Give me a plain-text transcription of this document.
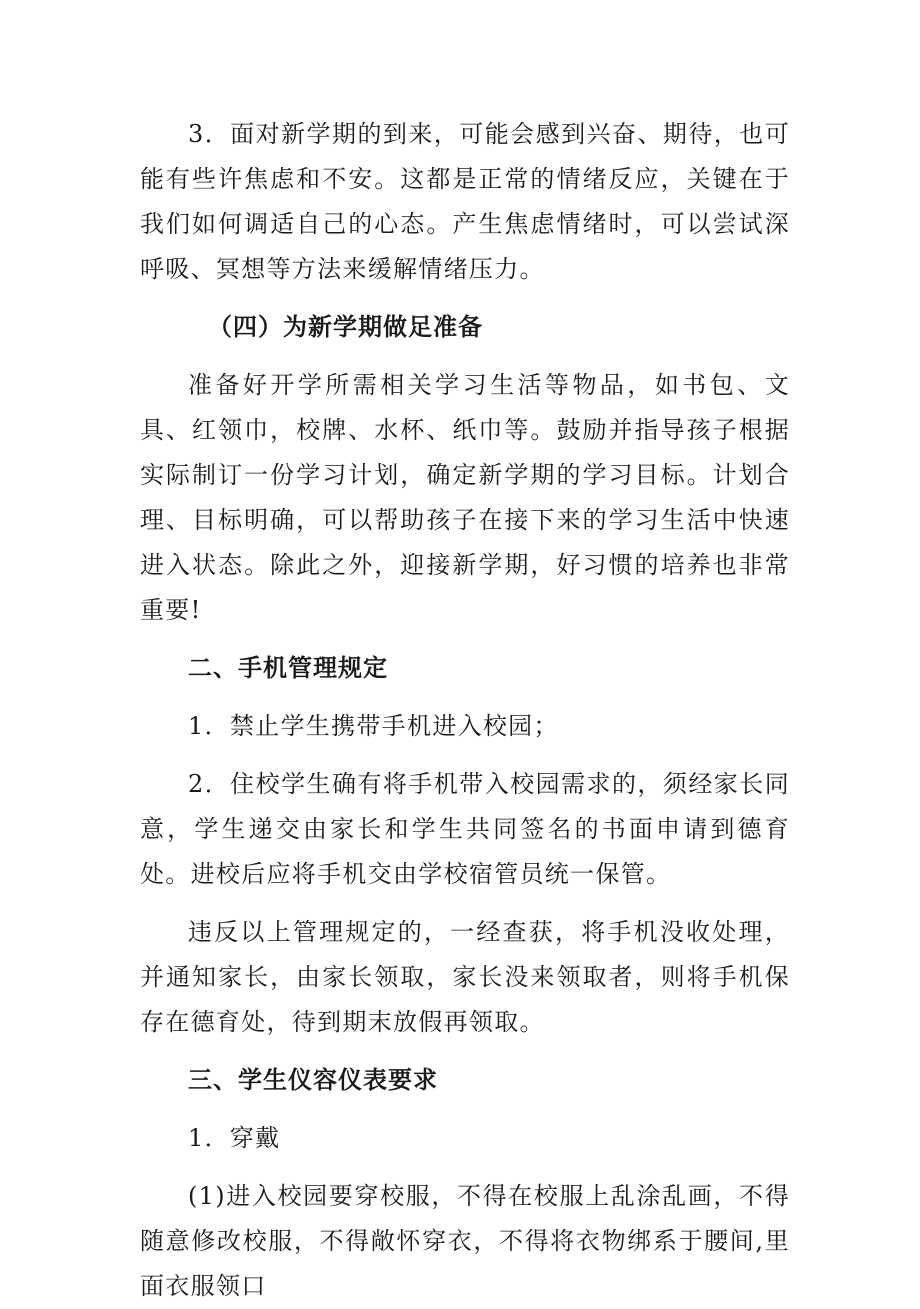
3．面对新学期的到来，可能会感到兴奋、期待，也可能有些许焦虑和不安。这都是正常的情绪反应，关键在于我们如何调适自己的心态。产生焦虑情绪时，可以尝试深呼吸、冥想等方法来缓解情绪压力。

（四）为新学期做足准备

准备好开学所需相关学习生活等物品，如书包、文具、红领巾，校牌、水杯、纸巾等。鼓励并指导孩子根据实际制订一份学习计划，确定新学期的学习目标。计划合理、目标明确，可以帮助孩子在接下来的学习生活中快速进入状态。除此之外，迎接新学期，好习惯的培养也非常重要!

二、手机管理规定

1．禁止学生携带手机进入校园；

2．住校学生确有将手机带入校园需求的，须经家长同意，学生递交由家长和学生共同签名的书面申请到德育处。进校后应将手机交由学校宿管员统一保管。

违反以上管理规定的，一经查获，将手机没收处理，并通知家长，由家长领取，家长没来领取者，则将手机保存在德育处，待到期末放假再领取。

三、学生仪容仪表要求

1．穿戴

(1)进入校园要穿校服，不得在校服上乱涂乱画，不得随意修改校服，不得敞怀穿衣，不得将衣物绑系于腰间,里面衣服领口
